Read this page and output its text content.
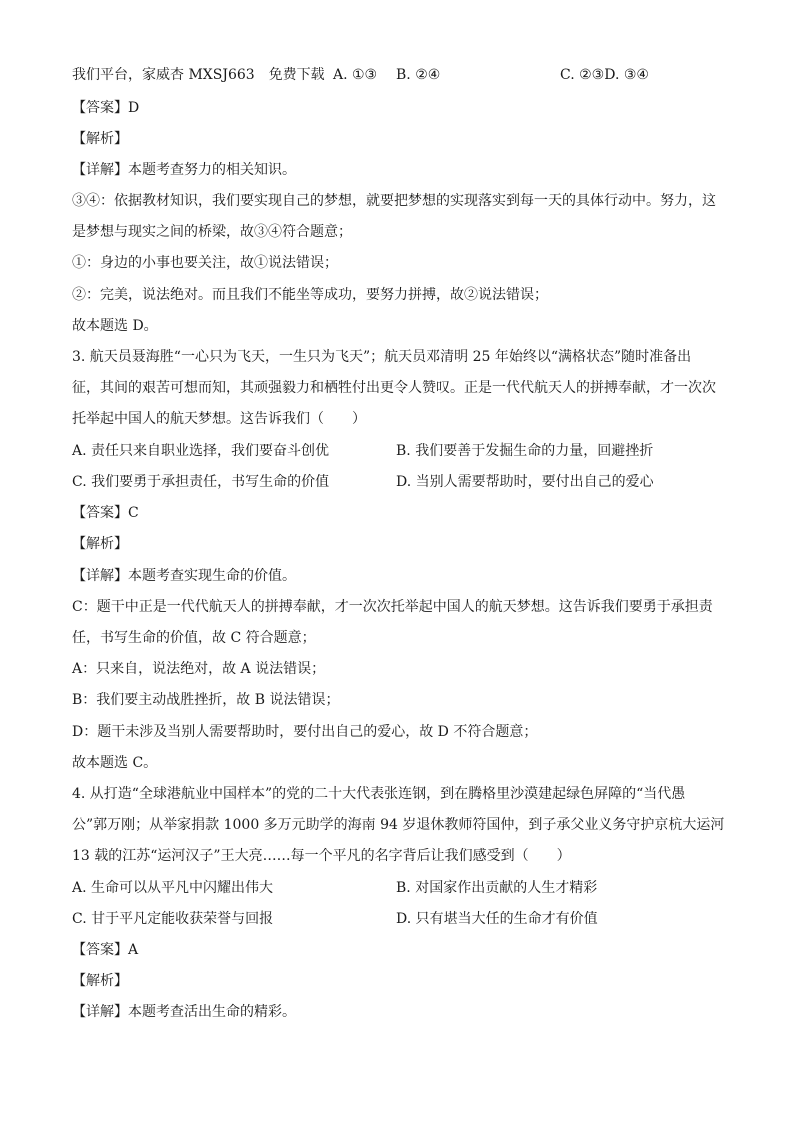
我们平台，家威杏 MXSJ663　免费下载 A. ①③ B. ②④	C. ②③D. ③④
【答案】D
【解析】
【详解】本题考查努力的相关知识。
③④：依据教材知识，我们要实现自己的梦想，就要把梦想的实现落实到每一天的具体行动中。努力，这
是梦想与现实之间的桥梁，故③④符合题意；
①：身边的小事也要关注，故①说法错误；
②：完美，说法绝对。而且我们不能坐等成功，要努力拼搏，故②说法错误；
故本题选 D。
3. 航天员聂海胜“一心只为飞天，一生只为飞天”；航天员邓清明 25 年始终以“满格状态”随时准备出
征，其间的艰苦可想而知，其顽强毅力和栖牲付出更令人赞叹。正是一代代航天人的拼搏奉献，才一次次
托举起中国人的航天梦想。这告诉我们（　　）
A. 责任只来自职业选择，我们要奋斗创优	B. 我们要善于发掘生命的力量，回避挫折
C. 我们要勇于承担责任，书写生命的价值	D. 当别人需要帮助时，要付出自己的爱心
【答案】C
【解析】
【详解】本题考查实现生命的价值。
C：题干中正是一代代航天人的拼搏奉献，才一次次托举起中国人的航天梦想。这告诉我们要勇于承担责
任，书写生命的价值，故 C 符合题意；
A：只来自，说法绝对，故 A 说法错误；
B：我们要主动战胜挫折，故 B 说法错误；
D：题干未涉及当别人需要帮助时，要付出自己的爱心，故 D 不符合题意；
故本题选 C。
4. 从打造“全球港航业中国样本”的党的二十大代表张连钢，到在腾格里沙漠建起绿色屏障的“当代愚
公”郭万刚；从举家捐款 1000 多万元助学的海南 94 岁退休教师符国仲，到子承父业义务守护京杭大运河
13 载的江苏“运河汉子”王大亮……每一个平凡的名字背后让我们感受到（　　）
A. 生命可以从平凡中闪耀出伟大	B. 对国家作出贡献的人生才精彩
C. 甘于平凡定能收获荣誉与回报	D. 只有堪当大任的生命才有价值
【答案】A
【解析】
【详解】本题考查活出生命的精彩。
